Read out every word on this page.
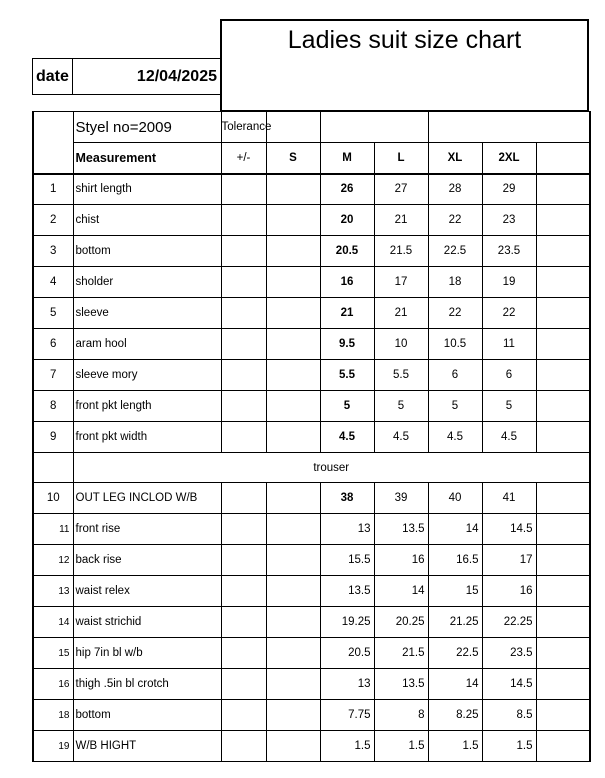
Ladies suit size chart
date	12/04/2025
	Styel no=2009	Tolerance						
	Measurement	+/-	S	M	L	XL	2XL	
1	shirt length			26	27	28	29	
2	chist			20	21	22	23	
3	bottom			20.5	21.5	22.5	23.5	
4	sholder			16	17	18	19	
5	sleeve			21	21	22	22	
6	aram hool			9.5	10	10.5	11	
7	sleeve mory			5.5	5.5	6	6	
8	front pkt length			5	5	5	5	
9	front pkt width			4.5	4.5	4.5	4.5	
	trouser							
10	OUT LEG INCLOD W/B			38	39	40	41	
11	front rise			13	13.5	14	14.5	
12	back rise			15.5	16	16.5	17	
13	waist relex			13.5	14	15	16	
14	waist strichid			19.25	20.25	21.25	22.25	
15	hip 7in bl w/b			20.5	21.5	22.5	23.5	
16	thigh .5in bl crotch			13	13.5	14	14.5	
18	bottom			7.75	8	8.25	8.5	
19	W/B HIGHT			1.5	1.5	1.5	1.5	
